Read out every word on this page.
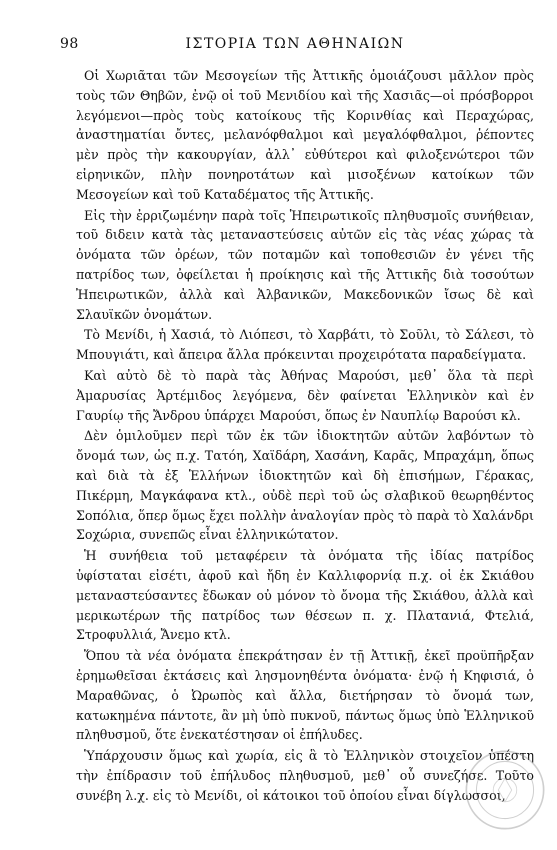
98	ΙΣΤΟΡΙΑ ΤΩΝ ΑΘΗΝΑΙΩΝ

Οἱ Χωριᾶται τῶν Μεσογείων τῆς Ἀττικῆς ὁμοιάζουσι μᾶλλον πρὸς τοὺς τῶν Θηβῶν, ἐνῷ οἱ τοῦ Μενιδίου καὶ τῆς Χασιᾶς—οἱ πρόσβορροι λεγόμενοι—πρὸς τοὺς κατοίκους τῆς Κορινθίας καὶ Περαχώρας, ἀναστηματίαι ὄντες, μελανόφθαλμοι καὶ μεγαλόφθαλμοι, ῥέποντες μὲν πρὸς τὴν κακουργίαν, ἀλλ᾽ εὐθύτεροι καὶ φιλοξενώτεροι τῶν εἰρηνικῶν, πλὴν πονηροτάτων καὶ μισοξένων κατοίκων τῶν Μεσογείων καὶ τοῦ Καταδέματος τῆς Ἀττικῆς.

Εἰς τὴν ἐρριζωμένην παρὰ τοῖς Ἠπειρωτικοῖς πληθυσμοῖς συνήθειαν, τοῦ διδειν κατὰ τὰς μεταναστεύσεις αὐτῶν εἰς τὰς νέας χώρας τὰ ὀνόματα τῶν ὀρέων, τῶν ποταμῶν καὶ τοποθεσιῶν ἐν γένει τῆς πατρίδος των, ὀφείλεται ἡ προίκησις καὶ τῆς Ἀττικῆς διὰ τοσούτων Ἠπειρωτικῶν, ἀλλὰ καὶ Ἀλβανικῶν, Μακεδονικῶν ἴσως δὲ καὶ Σλαυϊκῶν ὀνομάτων.

Τὸ Μενίδι, ἡ Χασιά, τὸ Λιόπεσι, τὸ Χαρβάτι, τὸ Σοῦλι, τὸ Σάλεσι, τὸ Μπουγιάτι, καὶ ἄπειρα ἄλλα πρόκεινται προχειρότατα παραδείγματα.

Καὶ αὐτὸ δὲ τὸ παρὰ τὰς Ἀθήνας Μαρούσι, μεθ᾽ ὅλα τὰ περὶ Ἀμαρυσίας Ἀρτέμιδος λεγόμενα, δὲν φαίνεται Ἑλληνικὸν καὶ ἐν Γαυρίῳ τῆς Ἄνδρου ὑπάρχει Μαρούσι, ὅπως ἐν Ναυπλίῳ Βαρούσι κλ.

Δὲν ὁμιλοῦμεν περὶ τῶν ἐκ τῶν ἰδιοκτητῶν αὐτῶν λαβόντων τὸ ὄνομά των, ὡς π.χ. Τατόη, Χαϊδάρη, Χασάνη, Καρᾶς, Μπραχάμη, ὅπως καὶ διὰ τὰ ἐξ Ἑλλήνων ἰδιοκτητῶν καὶ δὴ ἐπισήμων, Γέρακας, Πικέρμη, Μαγκάφανα κτλ., οὐδὲ περὶ τοῦ ὡς σλαβικοῦ θεωρηθέντος Σοπόλια, ὅπερ ὅμως ἔχει πολλὴν ἀναλογίαν πρὸς τὸ παρὰ τὸ Χαλάνδρι Σοχώρια, συνεπῶς εἶναι ἑλληνικώτατον.

Ἡ συνήθεια τοῦ μεταφέρειν τὰ ὀνόματα τῆς ἰδίας πατρίδος ὑφίσταται εἰσέτι, ἀφοῦ καὶ ἤδη ἐν Καλλιφορνίᾳ π.χ. οἱ ἐκ Σκιάθου μεταναστεύσαντες ἔδωκαν οὐ μόνον τὸ ὄνομα τῆς Σκιάθου, ἀλλὰ καὶ μερικωτέρων τῆς πατρίδος των θέσεων π. χ. Πλατανιά, Φτελιά, Στροφυλλιά, Ἄνεμο κτλ.

Ὅπου τὰ νέα ὀνόματα ἐπεκράτησαν ἐν τῇ Ἀττικῇ, ἐκεῖ προϋπῆρξαν ἐρημωθεῖσαι ἐκτάσεις καὶ λησμονηθέντα ὀνόματα· ἐνῷ ἡ Κηφισιά, ὁ Μαραθῶνας, ὁ Ὠρωπὸς καὶ ἄλλα, διετήρησαν τὸ ὄνομά των, κατωκημένα πάντοτε, ἂν μὴ ὑπὸ πυκνοῦ, πάντως ὅμως ὑπὸ Ἑλληνικοῦ πληθυσμοῦ, ὅτε ἐνεκατέστησαν οἱ ἐπήλυδες.

Ὑπάρχουσιν ὅμως καὶ χωρία, εἰς ἃ τὸ Ἑλληνικὸν στοιχεῖον ὑπέστη τὴν ἐπίδρασιν τοῦ ἐπήλυδος πληθυσμοῦ, μεθ᾽ οὗ συνεζήσε. Τοῦτο συνέβη λ.χ. εἰς τὸ Μενίδι, οἱ κάτοικοι τοῦ ὁποίου εἶναι δίγλωσσοι,
